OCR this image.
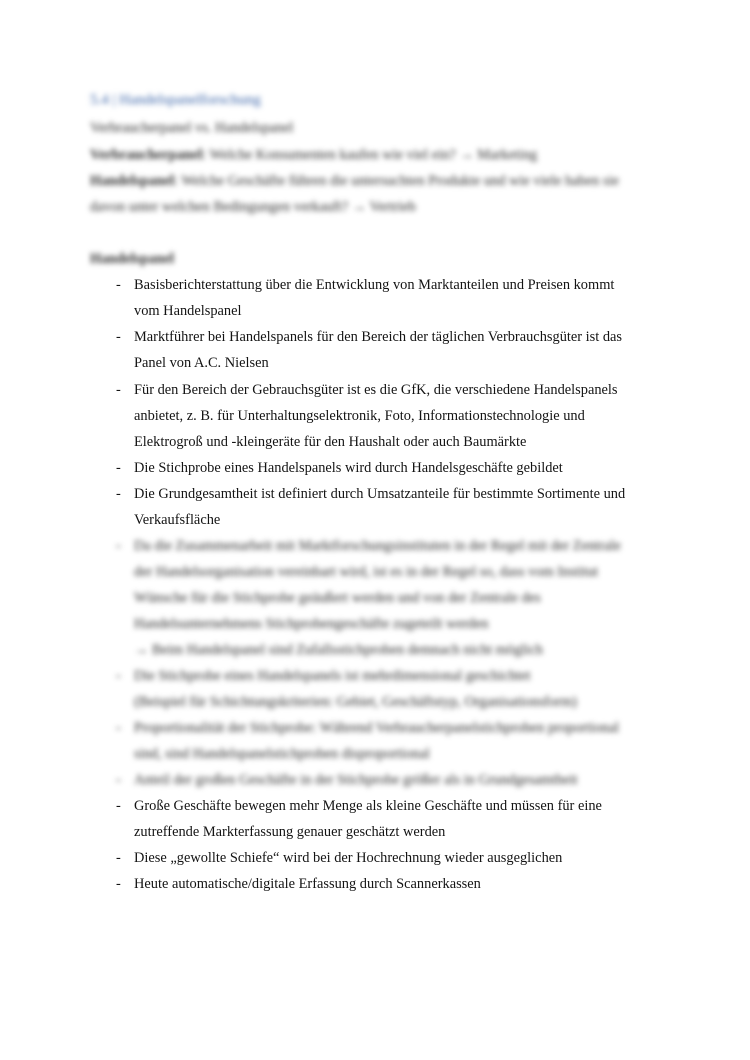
5.4 | Handelspanelforschung
Verbraucherpanel vs. Handelspanel
Verbraucherpanel: Welche Konsumenten kaufen wie viel ein? → Marketing
Handelspanel: Welche Geschäfte führen die untersuchten Produkte und wie viele haben sie
davon unter welchen Bedingungen verkauft? → Vertrieb
Handelspanel
- Basisberichterstattung über die Entwicklung von Marktanteilen und Preisen kommt
vom Handelspanel
- Marktführer bei Handelspanels für den Bereich der täglichen Verbrauchsgüter ist das
Panel von A.C. Nielsen
- Für den Bereich der Gebrauchsgüter ist es die GfK, die verschiedene Handelspanels
anbietet, z. B. für Unterhaltungselektronik, Foto, Informationstechnologie und
Elektrogroß und -kleingeräte für den Haushalt oder auch Baumärkte
- Die Stichprobe eines Handelspanels wird durch Handelsgeschäfte gebildet
- Die Grundgesamtheit ist definiert durch Umsatzanteile für bestimmte Sortimente und
Verkaufsfläche
- Da die Zusammenarbeit mit Marktforschungsinstituten in der Regel mit der Zentrale
der Handelsorganisation vereinbart wird, ist es in der Regel so, dass vom Institut
Wünsche für die Stichprobe geäußert werden und von der Zentrale des
Handelsunternehmens Stichprobengeschäfte zugeteilt werden
→ Beim Handelspanel sind Zufallsstichproben demnach nicht möglich
- Die Stichprobe eines Handelspanels ist mehrdimensional geschichtet
(Beispiel für Schichtungskriterien: Gebiet, Geschäftstyp, Organisationsform)
- Proportionalität der Stichprobe: Während Verbraucherpanelstichproben proportional
sind, sind Handelspanelstichproben disproportional
- Anteil der großen Geschäfte in der Stichprobe größer als in Grundgesamtheit
- Große Geschäfte bewegen mehr Menge als kleine Geschäfte und müssen für eine
zutreffende Markterfassung genauer geschätzt werden
- Diese „gewollte Schiefe“ wird bei der Hochrechnung wieder ausgeglichen
- Heute automatische/digitale Erfassung durch Scannerkassen
